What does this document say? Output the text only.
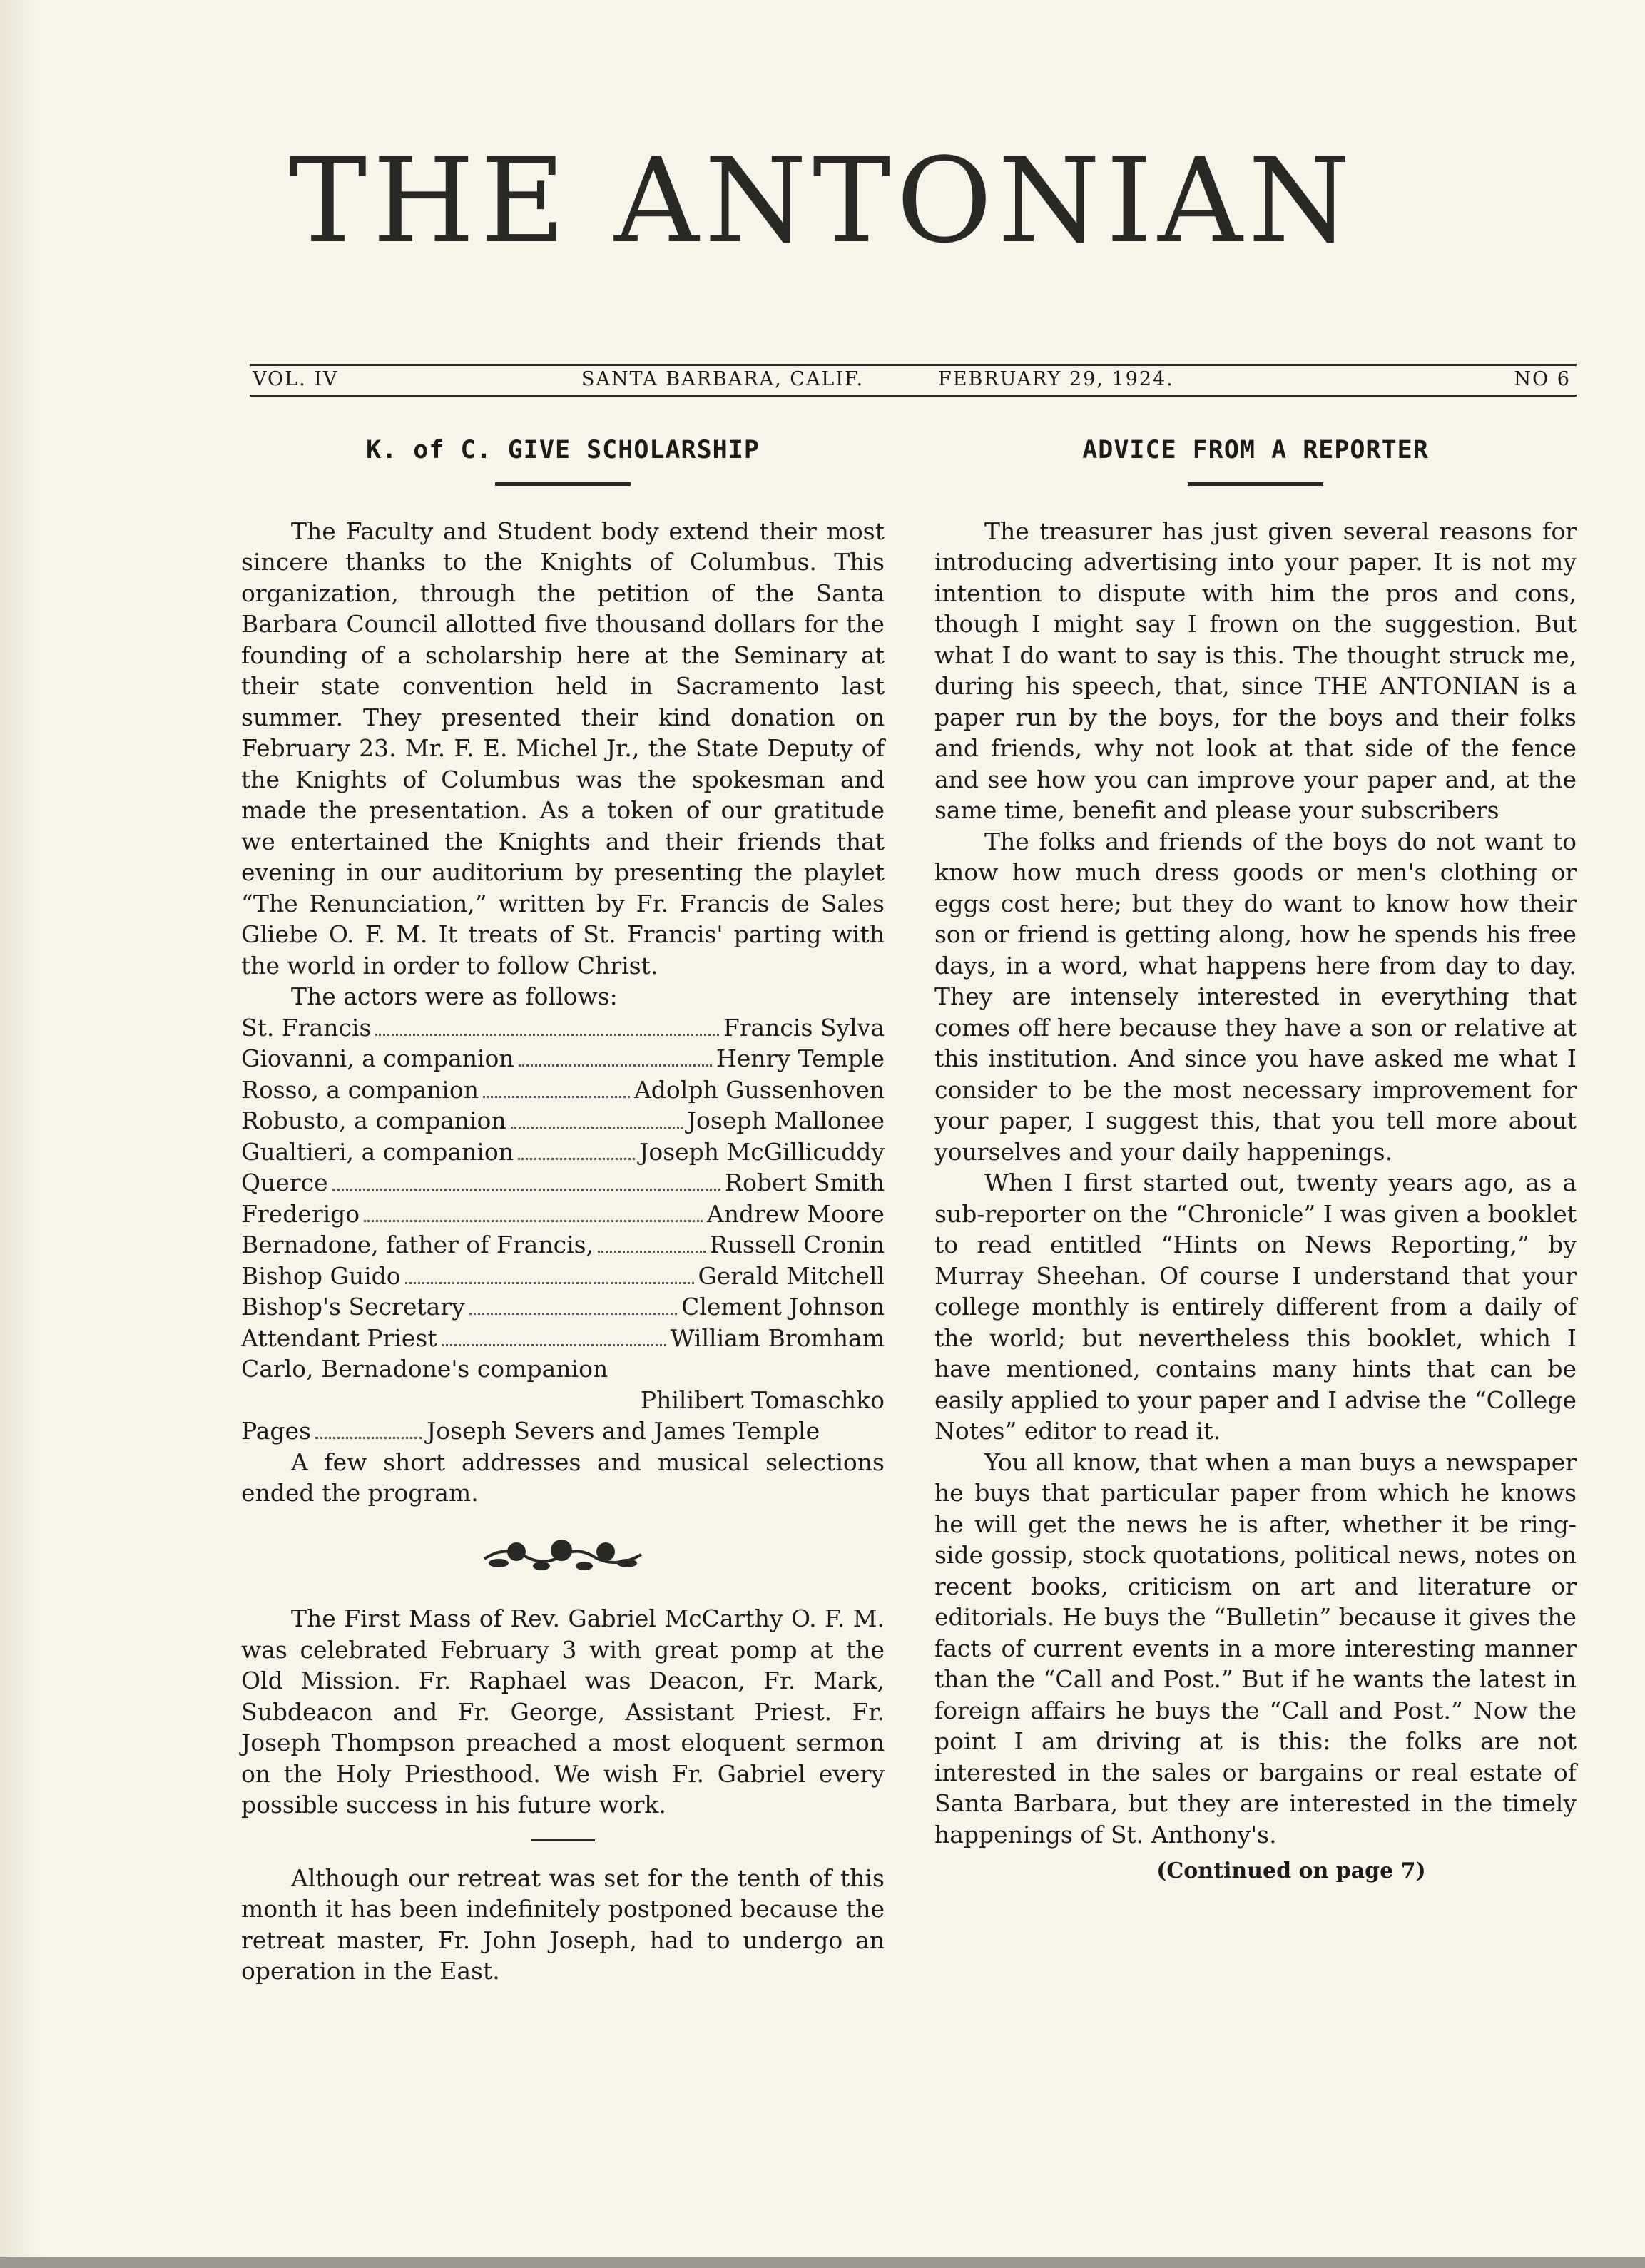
THE ANTONIAN
VOL. IV	SANTA BARBARA, CALIF.	FEBRUARY 29, 1924.	NO 6
K. of C. GIVE SCHOLARSHIP

The Faculty and Student body extend their most sincere thanks to the Knights of Columbus. This organization, through the petition of the Santa Barbara Council allotted five thousand dollars for the founding of a scholarship here at the Seminary at their state convention held in Sacramento last summer. They presented their kind donation on February 23. Mr. F. E. Michel Jr., the State Deputy of the Knights of Columbus was the spokesman and made the presentation. As a token of our gratitude we entertained the Knights and their friends that evening in our auditorium by presenting the playlet “The Renunciation,” written by Fr. Francis de Sales Gliebe O. F. M. It treats of St. Francis' parting with the world in order to follow Christ.

The actors were as follows:

St. Francis	Francis Sylva
Giovanni, a companion	Henry Temple
Rosso, a companion	Adolph Gussenhoven
Robusto, a companion	Joseph Mallonee
Gualtieri, a companion	Joseph McGillicuddy
Querce	Robert Smith
Frederigo	Andrew Moore
Bernadone, father of Francis,	Russell Cronin
Bishop Guido	Gerald Mitchell
Bishop's Secretary	Clement Johnson
Attendant Priest	William Bromham
Carlo, Bernadone's companion
Philibert Tomaschko
Pages	Joseph Severs and James Temple

A few short addresses and musical selections ended the program.

The First Mass of Rev. Gabriel McCarthy O. F. M. was celebrated February 3 with great pomp at the Old Mission. Fr. Raphael was Deacon, Fr. Mark, Subdeacon and Fr. George, Assistant Priest. Fr. Joseph Thompson preached a most eloquent sermon on the Holy Priesthood. We wish Fr. Gabriel every possible success in his future work.

Although our retreat was set for the tenth of this month it has been indefinitely postponed because the retreat master, Fr. John Joseph, had to undergo an operation in the East.

ADVICE FROM A REPORTER

The treasurer has just given several reasons for introducing advertising into your paper. It is not my intention to dispute with him the pros and cons, though I might say I frown on the suggestion. But what I do want to say is this. The thought struck me, during his speech, that, since THE ANTONIAN is a paper run by the boys, for the boys and their folks and friends, why not look at that side of the fence and see how you can improve your paper and, at the same time, benefit and please your subscribers

The folks and friends of the boys do not want to know how much dress goods or men's clothing or eggs cost here; but they do want to know how their son or friend is getting along, how he spends his free days, in a word, what happens here from day to day. They are intensely interested in everything that comes off here because they have a son or relative at this institution. And since you have asked me what I consider to be the most necessary improvement for your paper, I suggest this, that you tell more about yourselves and your daily happenings.

When I first started out, twenty years ago, as a sub-reporter on the “Chronicle” I was given a booklet to read entitled “Hints on News Reporting,” by Murray Sheehan. Of course I understand that your college monthly is entirely different from a daily of the world; but nevertheless this booklet, which I have mentioned, contains many hints that can be easily applied to your paper and I advise the “College Notes” editor to read it.

You all know, that when a man buys a newspaper he buys that particular paper from which he knows he will get the news he is after, whether it be ring-side gossip, stock quotations, political news, notes on recent books, criticism on art and literature or editorials. He buys the “Bulletin” because it gives the facts of current events in a more interesting manner than the “Call and Post.” But if he wants the latest in foreign affairs he buys the “Call and Post.” Now the point I am driving at is this: the folks are not interested in the sales or bargains or real estate of Santa Barbara, but they are interested in the timely happenings of St. Anthony's.

(Continued on page 7)
